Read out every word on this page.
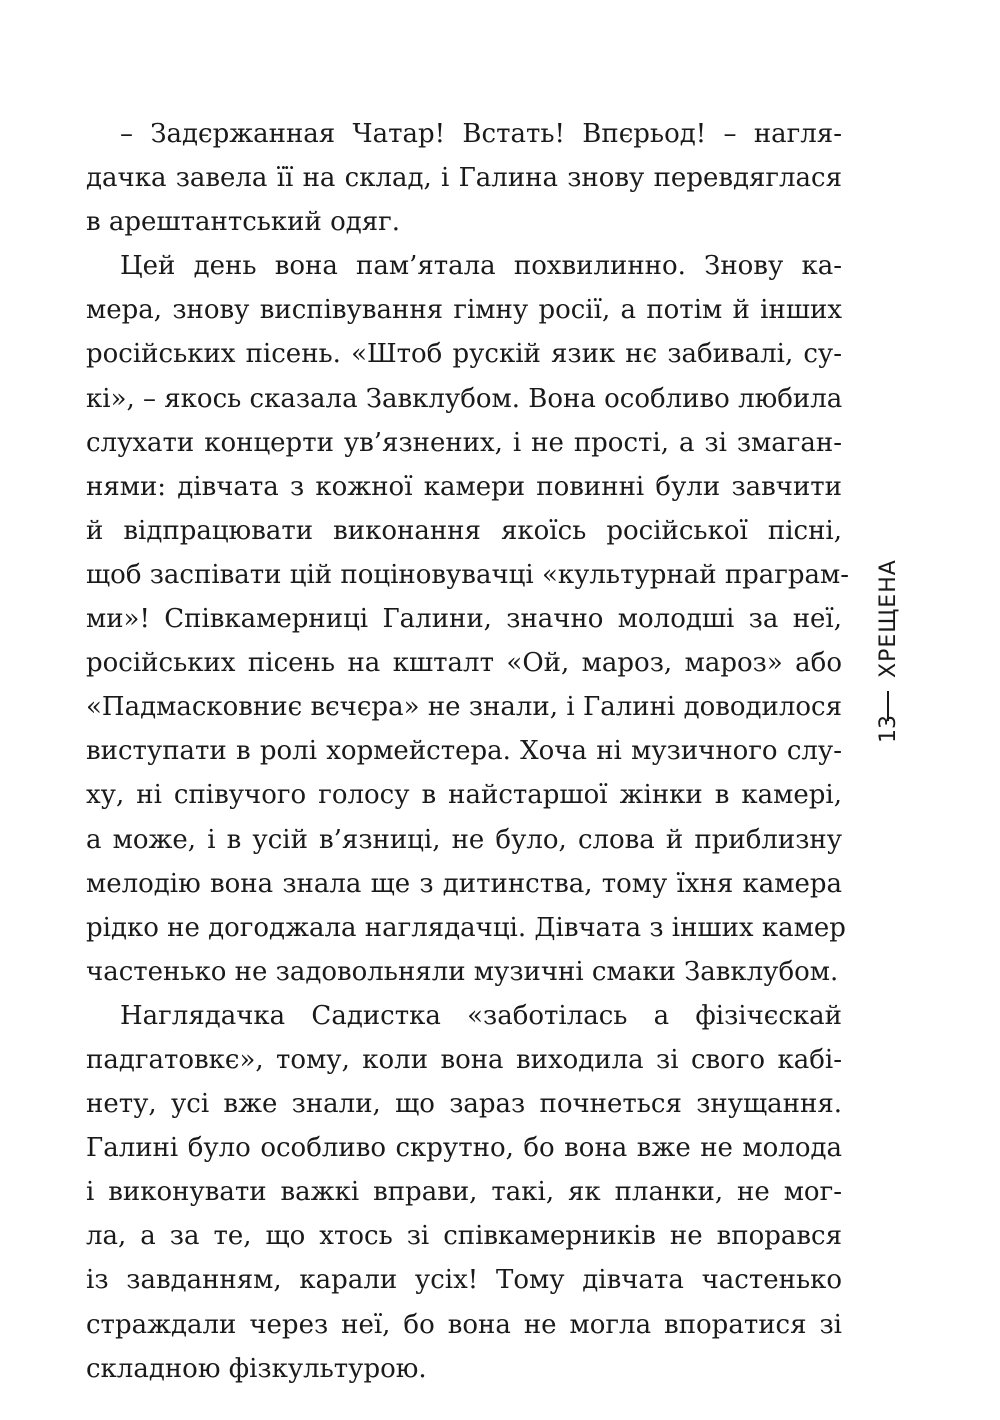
– Задєржанная Чатар! Встать! Впєрьод! – нагля-
дачка завела її на склад, і Галина знову перевдяглася
в арештантський одяг.
Цей день вона пам’ятала похвилинно. Знову ка-
мера, знову виспівування гімну росії, а потім й інших
російських пісень. «Штоб рускій язик нє забивалі, су-
кі», – якось сказала Завклубом. Вона особливо любила
слухати концерти ув’язнених, і не прості, а зі змаган-
нями: дівчата з кожної камери повинні були завчити
й відпрацювати виконання якоїсь російської пісні,
щоб заспівати цій поціновувачці «культурнай праграм-
ми»! Співкамерниці Галини, значно молодші за неї,
російських пісень на кшталт «Ой, мароз, мароз» або
«Падмасковниє вєчєра» не знали, і Галині доводилося
виступати в ролі хормейстера. Хоча ні музичного слу-
ху, ні співучого голосу в найстаршої жінки в камері,
а може, і в усій в’язниці, не було, слова й приблизну
мелодію вона знала ще з дитинства, тому їхня камера
рідко не догоджала наглядачці. Дівчата з інших камер
частенько не задовольняли музичні смаки Завклубом.
Наглядачка Садистка «заботілась а фізічєскай
падгатовкє», тому, коли вона виходила зі свого кабі-
нету, усі вже знали, що зараз почнеться знущання.
Галині було особливо скрутно, бо вона вже не молода
і виконувати важкі вправи, такі, як планки, не мог-
ла, а за те, що хтось зі співкамерників не впорався
із завданням, карали усіх! Тому дівчата частенько
страждали через неї, бо вона не могла впоратися зі
складною фізкультурою.
ХРЕЩЕНА
13
